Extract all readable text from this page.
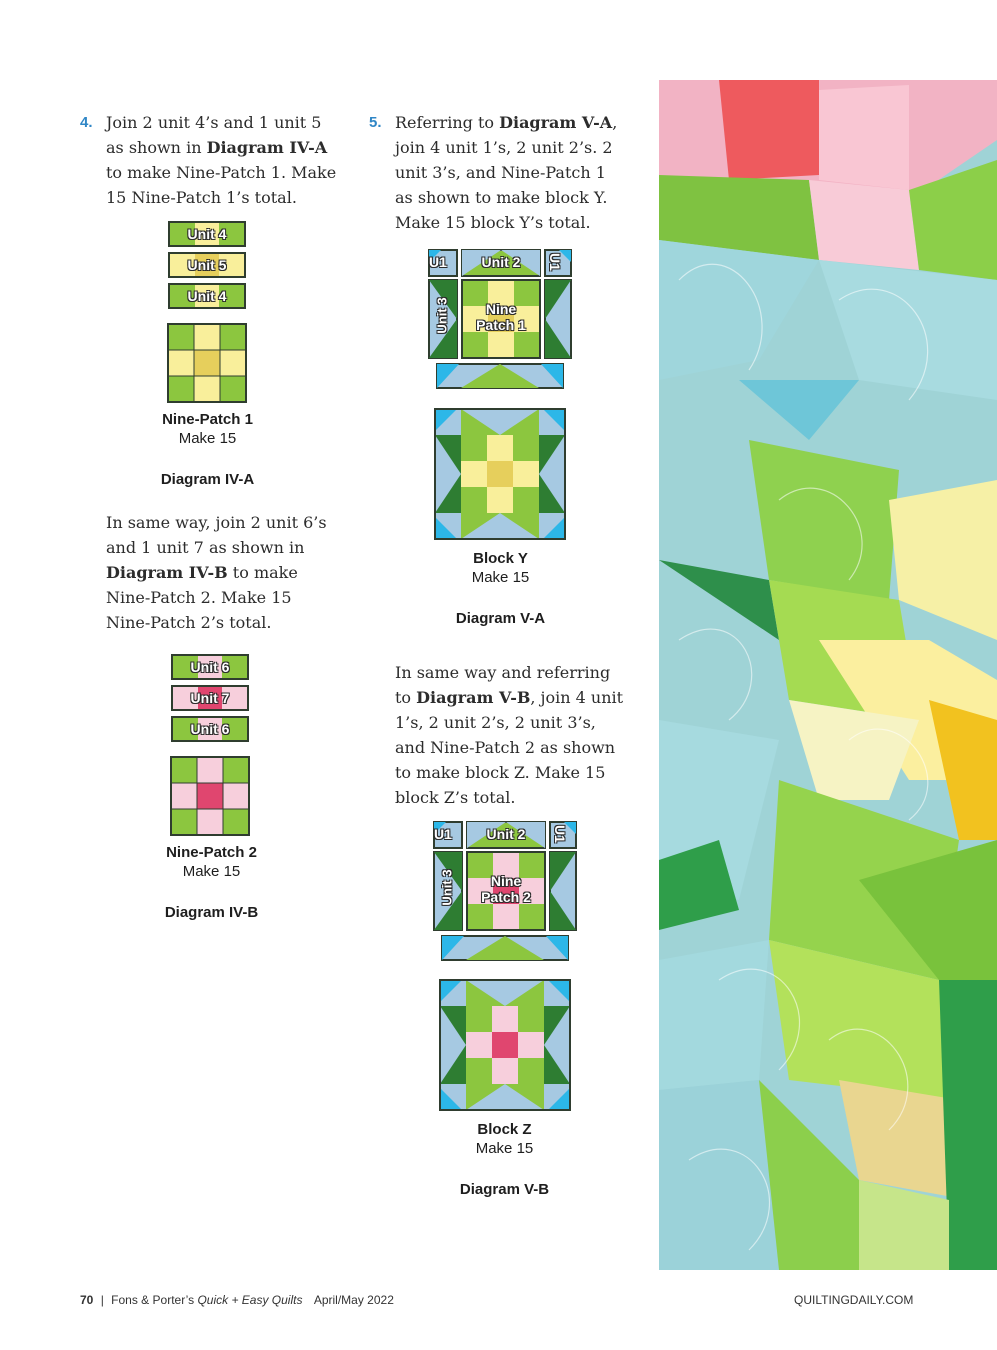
4. Join 2 unit 4’s and 1 unit 5 as shown in Diagram IV-A to make Nine-Patch 1. Make 15 Nine-Patch 1’s total.

Unit 4
Unit 5
Unit 4
Nine-Patch 1
Make 15
Diagram IV-A

In same way, join 2 unit 6’s and 1 unit 7 as shown in Diagram IV-B to make Nine-Patch 2. Make 15 Nine-Patch 2’s total.

Unit 6
Unit 7
Unit 6
Nine-Patch 2
Make 15
Diagram IV-B
5. Referring to Diagram V-A, join 4 unit 1’s, 2 unit 2’s. 2 unit 3’s, and Nine-Patch 1 as shown to make block Y. Make 15 block Y’s total.

U1	Unit 2	U1
Unit 3	Nine
Patch 1
Block Y
Make 15
Diagram V-A

In same way and referring to Diagram V-B, join 4 unit 1’s, 2 unit 2’s, 2 unit 3’s, and Nine-Patch 2 as shown to make block Z. Make 15 block Z’s total.

U1	Unit 2	U1
Unit 3	Nine
Patch 2
Block Z
Make 15
Diagram V-B
70 | Fons & Porter’s Quick + Easy Quilts April/May 2022	QUILTINGDAILY.COM
